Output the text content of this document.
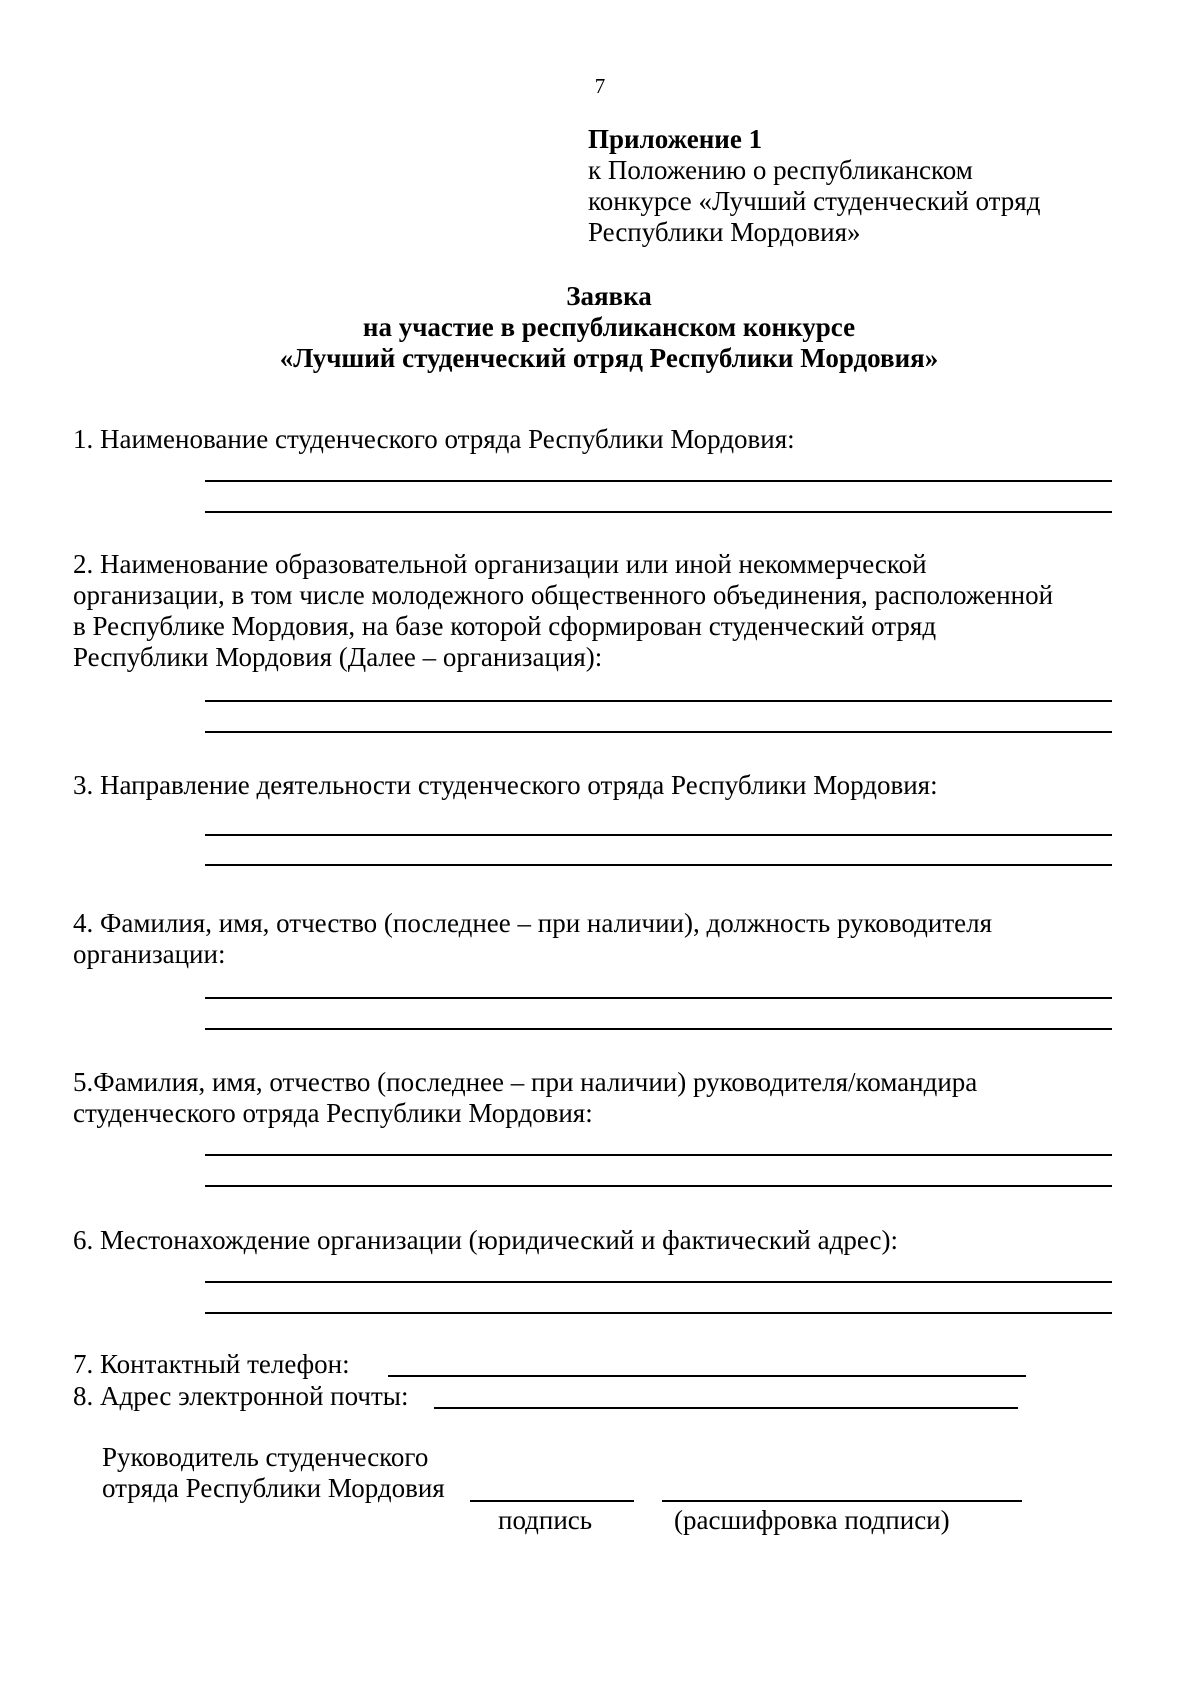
7
Приложение 1
к Положению о республиканском
конкурсе «Лучший студенческий отряд
Республики Мордовия»
Заявка
на участие в республиканском конкурсе
«Лучший студенческий отряд Республики Мордовия»
1. Наименование студенческого отряда Республики Мордовия:
2. Наименование образовательной организации или иной некоммерческой
организации, в том числе молодежного общественного объединения, расположенной
в Республике Мордовия, на базе которой сформирован студенческий отряд
Республики Мордовия (Далее – организация):
3. Направление деятельности студенческого отряда Республики Мордовия:
4. Фамилия, имя, отчество (последнее – при наличии), должность руководителя
организации:
5.Фамилия, имя, отчество (последнее – при наличии) руководителя/командира
студенческого отряда Республики Мордовия:
6. Местонахождение организации (юридический и фактический адрес):
7. Контактный телефон:
8. Адрес электронной почты:
Руководитель студенческого
отряда Республики Мордовия
подпись	(расшифровка подписи)
